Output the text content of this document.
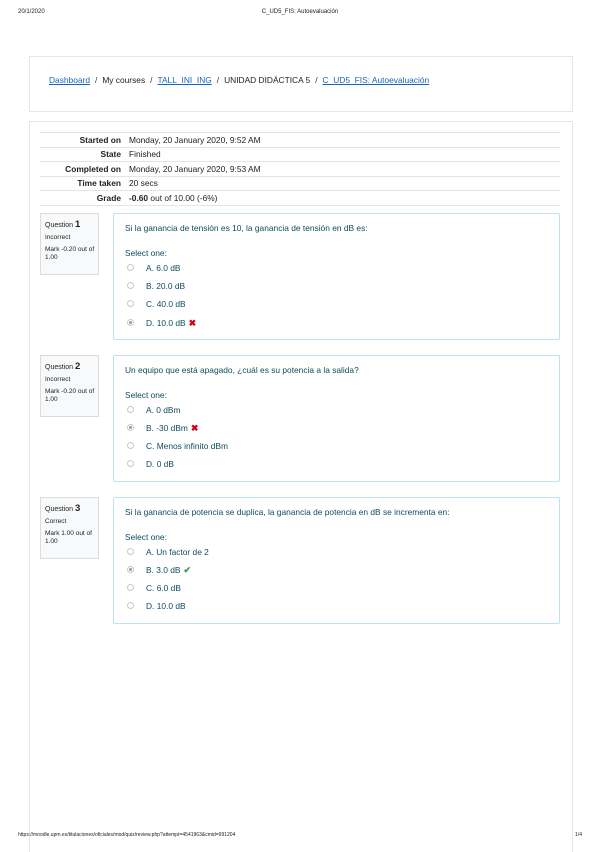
20/1/2020	C_UD5_FIS: Autoevaluación
Dashboard / My courses / TALL_INI_ING / UNIDAD DIDÁCTICA 5 / C_UD5_FIS: Autoevaluación
Started on	Monday, 20 January 2020, 9:52 AM
State	Finished
Completed on	Monday, 20 January 2020, 9:53 AM
Time taken	20 secs
Grade	-0.60 out of 10.00 (-6%)
Question 1
Incorrect
Mark -0.20 out of 1.00
Si la ganancia de tensión es 10, la ganancia de tensión en dB es:
Select one:
A. 6.0 dB
B. 20.0 dB
C. 40.0 dB
D. 10.0 dB ✖
Question 2
Incorrect
Mark -0.20 out of 1.00
Un equipo que está apagado, ¿cuál es su potencia a la salida?
Select one:
A. 0 dBm
B. -30 dBm ✖
C. Menos infinito dBm
D. 0 dB
Question 3
Correct
Mark 1.00 out of 1.00
Si la ganancia de potencia se duplica, la ganancia de potencia en dB se incrementa en:
Select one:
A. Un factor de 2
B. 3.0 dB ✔
C. 6.0 dB
D. 10.0 dB
https://moodle.upm.es/titulaciones/oficiales/mod/quiz/review.php?attempt=4541963&cmid=991204	1/4
